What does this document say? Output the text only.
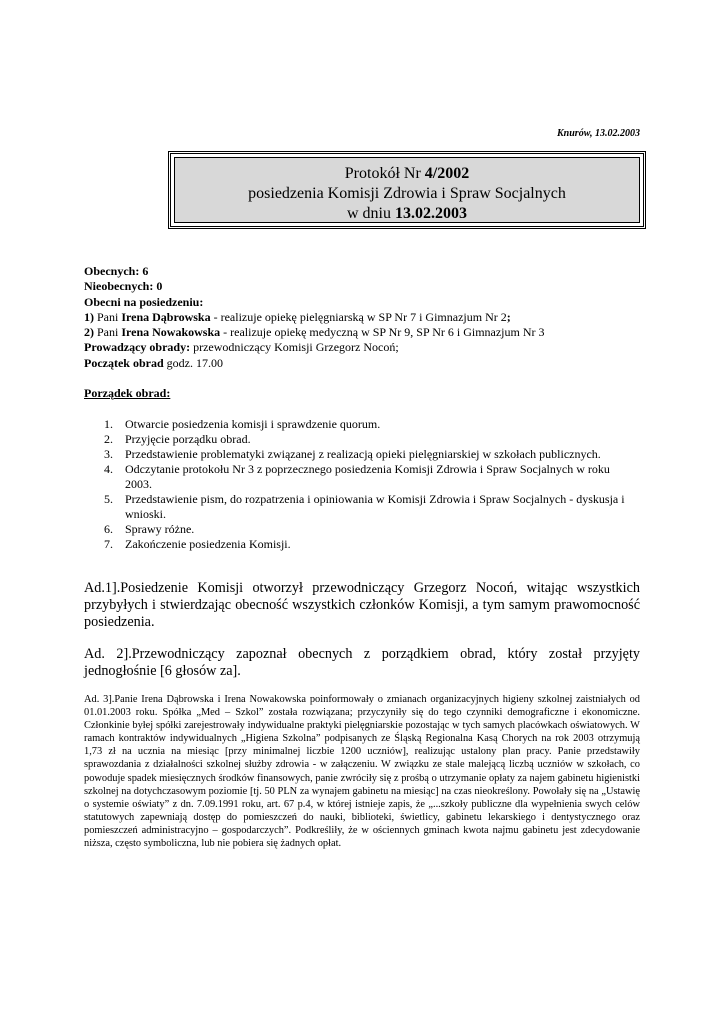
Knurów, 13.02.2003
Protokół Nr 4/2002
posiedzenia Komisji Zdrowia i Spraw Socjalnych
w dniu 13.02.2003
Obecnych: 6
Nieobecnych: 0
Obecni na posiedzeniu:
1) Pani Irena Dąbrowska - realizuje opiekę pielęgniarską w SP Nr 7 i Gimnazjum Nr 2;
2) Pani Irena Nowakowska - realizuje opiekę medyczną w SP Nr 9, SP Nr 6 i Gimnazjum Nr 3
Prowadzący obrady: przewodniczący Komisji Grzegorz Nocoń;
Początek obrad godz. 17.00
Porządek obrad:
1. Otwarcie posiedzenia komisji i sprawdzenie quorum.
2. Przyjęcie porządku obrad.
3. Przedstawienie problematyki związanej z realizacją opieki pielęgniarskiej w szkołach publicznych.
4. Odczytanie protokołu Nr 3 z poprzecznego posiedzenia Komisji Zdrowia i Spraw Socjalnych w roku 2003.
5. Przedstawienie pism, do rozpatrzenia i opiniowania w Komisji Zdrowia i Spraw Socjalnych - dyskusja i wnioski.
6. Sprawy różne.
7. Zakończenie posiedzenia Komisji.

Ad.1].Posiedzenie Komisji otworzył przewodniczący Grzegorz Nocoń, witając wszystkich przybyłych i stwierdzając obecność wszystkich członków Komisji, a tym samym prawomocność posiedzenia.

Ad. 2].Przewodniczący zapoznał obecnych z porządkiem obrad, który został przyjęty jednogłośnie [6 głosów za].

Ad. 3].Panie Irena Dąbrowska i Irena Nowakowska poinformowały o zmianach organizacyjnych higieny szkolnej zaistniałych od 01.01.2003 roku. Spółka „Med – Szkol” została rozwiązana; przyczyniły się do tego czynniki demograficzne i ekonomiczne. Członkinie byłej spółki zarejestrowały indywidualne praktyki pielęgniarskie pozostając w tych samych placówkach oświatowych. W ramach kontraktów indywidualnych „Higiena Szkolna” podpisanych ze Śląską Regionalna Kasą Chorych na rok 2003 otrzymują 1,73 zł na ucznia na miesiąc [przy minimalnej liczbie 1200 uczniów], realizując ustalony plan pracy. Panie przedstawiły sprawozdania z działalności szkolnej służby zdrowia - w załączeniu. W związku ze stale malejącą liczbą uczniów w szkołach, co powoduje spadek miesięcznych środków finansowych, panie zwróciły się z prośbą o utrzymanie opłaty za najem gabinetu higienistki szkolnej na dotychczasowym poziomie [tj. 50 PLN za wynajem gabinetu na miesiąc] na czas nieokreślony. Powołały się na „Ustawię o systemie oświaty” z dn. 7.09.1991 roku, art. 67 p.4, w której istnieje zapis, że „...szkoły publiczne dla wypełnienia swych celów statutowych zapewniają dostęp do pomieszczeń do nauki, biblioteki, świetlicy, gabinetu lekarskiego i dentystycznego oraz pomieszczeń administracyjno – gospodarczych”. Podkreśliły, że w ościennych gminach kwota najmu gabinetu jest zdecydowanie niższa, często symboliczna, lub nie pobiera się żadnych opłat.
